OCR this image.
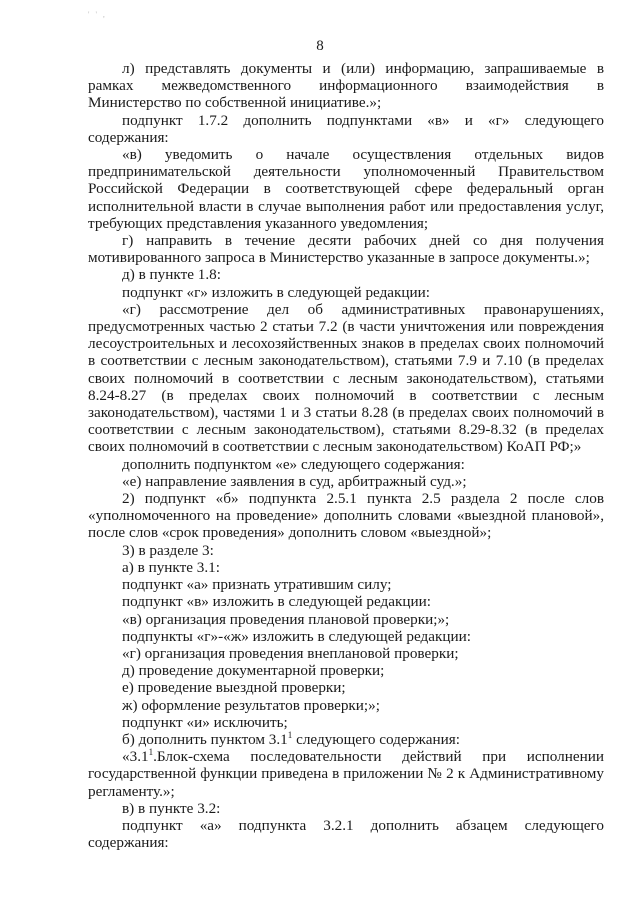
' ' ,
8

л) представлять документы и (или) информацию, запрашиваемые в рамках межведомственного информационного взаимодействия в Министерство по собственной инициативе.»;

подпункт 1.7.2 дополнить подпунктами «в» и «г» следующего содержания:

«в) уведомить о начале осуществления отдельных видов предпринимательской деятельности уполномоченный Правительством Российской Федерации в соответствующей сфере федеральный орган исполнительной власти в случае выполнения работ или предоставления услуг, требующих представления указанного уведомления;

г) направить в течение десяти рабочих дней со дня получения мотивированного запроса в Министерство указанные в запросе документы.»;

д) в пункте 1.8:

подпункт «г» изложить в следующей редакции:

«г) рассмотрение дел об административных правонарушениях, предусмотренных частью 2 статьи 7.2 (в части уничтожения или повреждения лесоустроительных и лесохозяйственных знаков в пределах своих полномочий в соответствии с лесным законодательством), статьями 7.9 и 7.10 (в пределах своих полномочий в соответствии с лесным законодательством), статьями 8.24-8.27 (в пределах своих полномочий в соответствии с лесным законодательством), частями 1 и 3 статьи 8.28 (в пределах своих полномочий в соответствии с лесным законодательством), статьями 8.29-8.32 (в пределах своих полномочий в соответствии с лесным законодательством) КоАП РФ;»

дополнить подпунктом «е» следующего содержания:

«е) направление заявления в суд, арбитражный суд.»;

2) подпункт «б» подпункта 2.5.1 пункта 2.5 раздела 2 после слов «уполномоченного на проведение» дополнить словами «выездной плановой», после слов «срок проведения» дополнить словом «выездной»;

3) в разделе 3:

а) в пункте 3.1:

подпункт «а» признать утратившим силу;

подпункт «в» изложить в следующей редакции:

«в) организация проведения плановой проверки;»;

подпункты «г»-«ж» изложить в следующей редакции:

«г) организация проведения внеплановой проверки;

д) проведение документарной проверки;

е) проведение выездной проверки;

ж) оформление результатов проверки;»;

подпункт «и» исключить;

б) дополнить пунктом $3.1^1$ следующего содержания:

«$3.1^1.Блок$-схема последовательности действий при исполнении государственной функции приведена в приложении № 2 к Административному регламенту.»;

в) в пункте 3.2:

подпункт «а» подпункта 3.2.1 дополнить абзацем следующего содержания:
